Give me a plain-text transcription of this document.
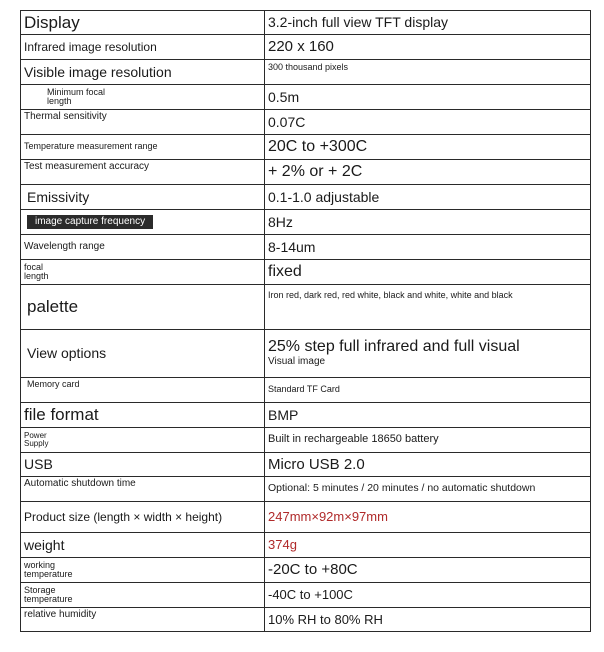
Display	3.2-inch full view TFT display
Infrared image resolution	220 x 160
Visible image resolution	300 thousand pixels
Minimum focal length	0.5m
Thermal sensitivity	0.07C
Temperature measurement range	20C to +300C
Test measurement accuracy	+ 2% or + 2C
Emissivity	0.1-1.0 adjustable
image capture frequency	8Hz
Wavelength range	8-14um
focal length	fixed
palette	Iron red, dark red, red white, black and white, white and black
View options	25% step full infrared and full visual
Visual image

Memory card	Standard TF Card
file format	BMP
Power Supply	Built in rechargeable 18650 battery
USB	Micro USB 2.0
Automatic shutdown time	Optional: 5 minutes / 20 minutes / no automatic shutdown
Product size (length × width × height)	247mm×92m×97mm
weight	374g
working temperature	-20C to +80C
Storage temperature	-40C to +100C
relative humidity	10% RH to 80% RH
